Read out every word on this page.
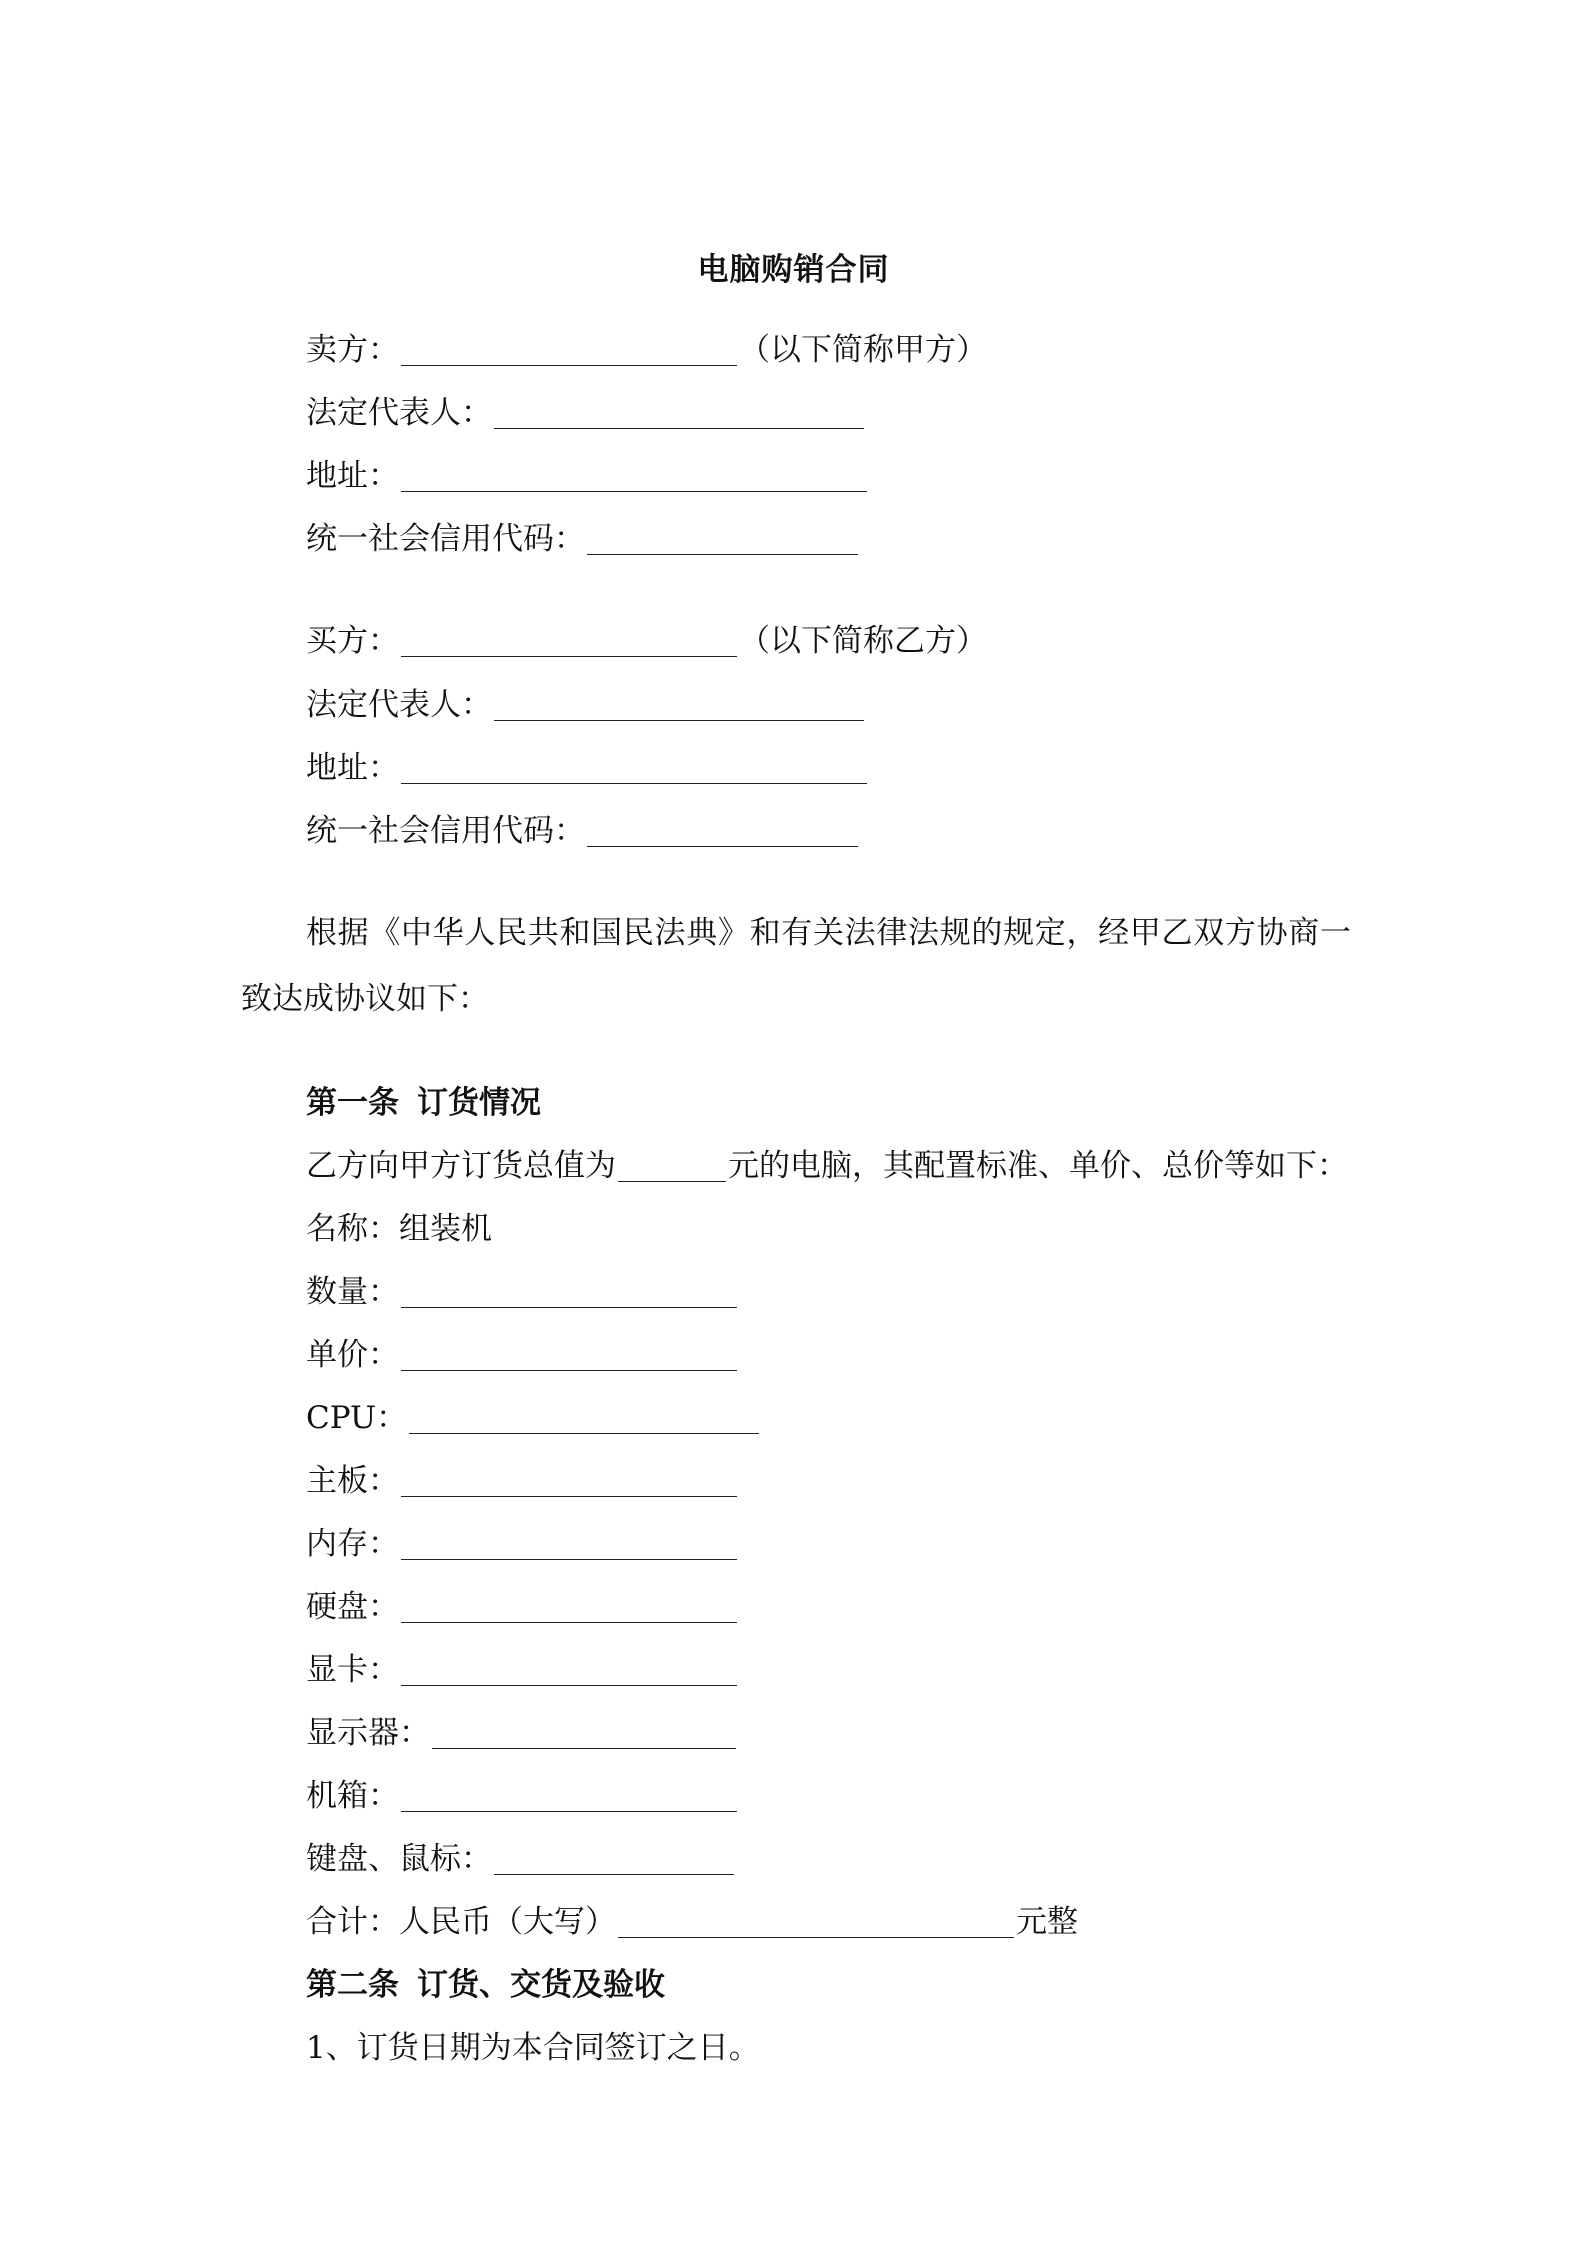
电脑购销合同
卖方：	（以下简称甲方）
法定代表人：
地址：
统一社会信用代码：
买方：	（以下简称乙方）
法定代表人：
地址：
统一社会信用代码：
根据《中华人民共和国民法典》和有关法律法规的规定，经甲乙双方协商一致达成协议如下：
第一条 订货情况
乙方向甲方订货总值为	元的电脑，其配置标准、单价、总价等如下：
名称：组装机
数量：
单价：
CPU：
主板：
内存：
硬盘：
显卡：
显示器：
机箱：
键盘、鼠标：
合计：人民币（大写）	元整
第二条 订货、交货及验收
1、订货日期为本合同签订之日。
